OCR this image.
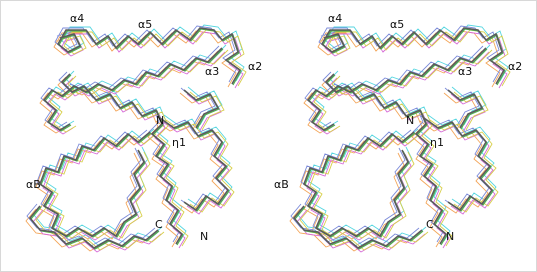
α4	α5
α3	α2
N
η1
αB
C
N
α4	α5
α3	α2
N
η1
αB
C
N
